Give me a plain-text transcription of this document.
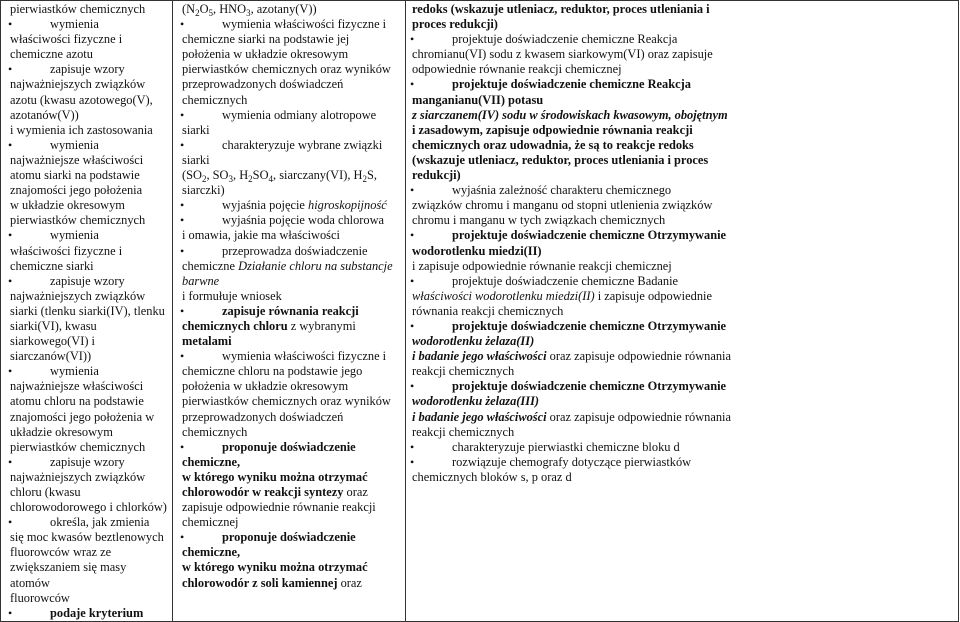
pierwiastków chemicznych
•	wymienia
właściwości fizyczne i
chemiczne azotu
•	zapisuje wzory
najważniejszych związków
azotu (kwasu azotowego(V),
azotanów(V))
i wymienia ich zastosowania
•	wymienia
najważniejsze właściwości
atomu siarki na podstawie
znajomości jego położenia
w układzie okresowym
pierwiastków chemicznych
•	wymienia
właściwości fizyczne i
chemiczne siarki
•	zapisuje wzory
najważniejszych związków
siarki (tlenku siarki(IV), tlenku
siarki(VI), kwasu
siarkowego(VI) i
siarczanów(VI))
•	wymienia
najważniejsze właściwości
atomu chloru na podstawie
znajomości jego położenia w
układzie okresowym
pierwiastków chemicznych
•	zapisuje wzory
najważniejszych związków
chloru (kwasu
chlorowodorowego i chlorków)
•	określa, jak zmienia
się moc kwasów beztlenowych
fluorowców wraz ze
zwiększaniem się masy atomów
fluorowców
•	podaje kryterium

($N_2O_5$, $HNO_3$, azotany(V))
•	wymienia właściwości fizyczne i
chemiczne siarki na podstawie jej
położenia w układzie okresowym
pierwiastków chemicznych oraz wyników
przeprowadzonych doświadczeń
chemicznych
•	wymienia odmiany alotropowe
siarki
•	charakteryzuje wybrane związki
siarki
($SO_2$, $SO_3$, $H_2SO_4$, siarczany(VI), $H_2S$,
siarczki)
•	wyjaśnia pojęcie higroskopijność
•	wyjaśnia pojęcie woda chlorowa
i omawia, jakie ma właściwości
•	przeprowadza doświadczenie
chemiczne Działanie chloru na substancje
barwne
i formułuje wniosek
•	zapisuje równania reakcji
chemicznych chloru z wybranymi
metalami
•	wymienia właściwości fizyczne i
chemiczne chloru na podstawie jego
położenia w układzie okresowym
pierwiastków chemicznych oraz wyników
przeprowadzonych doświadczeń
chemicznych
•	proponuje doświadczenie
chemiczne,
w którego wyniku można otrzymać
chlorowodór w reakcji syntezy oraz
zapisuje odpowiednie równanie reakcji
chemicznej
•	proponuje doświadczenie
chemiczne,
w którego wyniku można otrzymać
chlorowodór z soli kamiennej oraz

redoks (wskazuje utleniacz, reduktor, proces utleniania i
proces redukcji)
•	projektuje doświadczenie chemiczne Reakcja
chromianu(VI) sodu z kwasem siarkowym(VI) oraz zapisuje
odpowiednie równanie reakcji chemicznej
•	projektuje doświadczenie chemiczne Reakcja
manganianu(VII) potasu
z siarczanem(IV) sodu w środowiskach kwasowym, obojętnym
i zasadowym, zapisuje odpowiednie równania reakcji
chemicznych oraz udowadnia, że są to reakcje redoks
(wskazuje utleniacz, reduktor, proces utleniania i proces
redukcji)
•	wyjaśnia zależność charakteru chemicznego
związków chromu i manganu od stopni utlenienia związków
chromu i manganu w tych związkach chemicznych
•	projektuje doświadczenie chemiczne Otrzymywanie
wodorotlenku miedzi(II)
i zapisuje odpowiednie równanie reakcji chemicznej
•	projektuje doświadczenie chemiczne Badanie
właściwości wodorotlenku miedzi(II) i zapisuje odpowiednie
równania reakcji chemicznych
•	projektuje doświadczenie chemiczne Otrzymywanie
wodorotlenku żelaza(II)
i badanie jego właściwości oraz zapisuje odpowiednie równania
reakcji chemicznych
•	projektuje doświadczenie chemiczne Otrzymywanie
wodorotlenku żelaza(III)
i badanie jego właściwości oraz zapisuje odpowiednie równania
reakcji chemicznych
•	charakteryzuje pierwiastki chemiczne bloku d
•	rozwiązuje chemografy dotyczące pierwiastków
chemicznych bloków s, p oraz d
